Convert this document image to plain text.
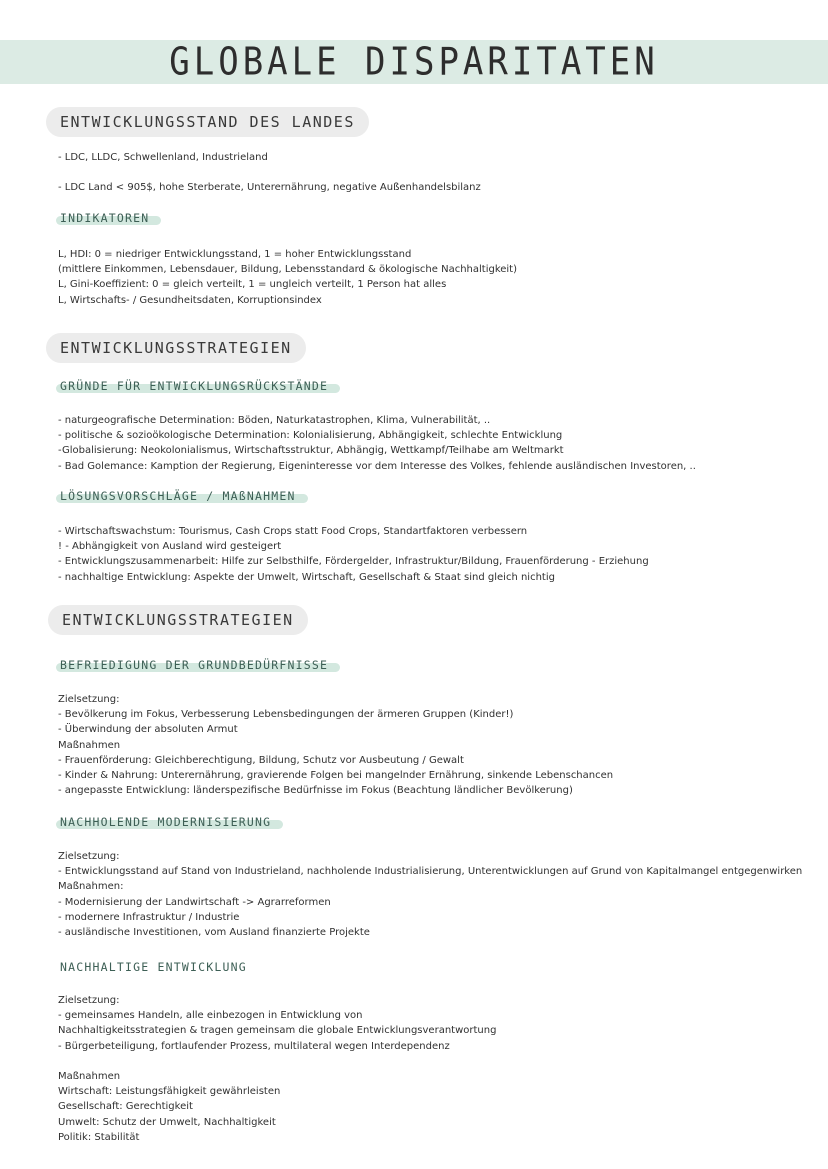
GLOBALE DISPARITATEN
ENTWICKLUNGSSTAND DES LANDES
- LDC, LLDC, Schwellenland, Industrieland
- LDC Land < 905$, hohe Sterberate, Unterernährung, negative Außenhandelsbilanz
INDIKATOREN
L, HDI: 0 = niedriger Entwicklungsstand, 1 = hoher Entwicklungsstand
(mittlere Einkommen, Lebensdauer, Bildung, Lebensstandard & ökologische Nachhaltigkeit)
L, Gini-Koeffizient: 0 = gleich verteilt, 1 = ungleich verteilt, 1 Person hat alles
L, Wirtschafts- / Gesundheitsdaten, Korruptionsindex
ENTWICKLUNGSSTRATEGIEN
GRÜNDE FÜR ENTWICKLUNGSRÜCKSTÄNDE
- naturgeografische Determination: Böden, Naturkatastrophen, Klima, Vulnerabilität, ..
- politische & sozioökologische Determination: Kolonialisierung, Abhängigkeit, schlechte Entwicklung
-Globalisierung: Neokolonialismus, Wirtschaftsstruktur, Abhängig, Wettkampf/Teilhabe am Weltmarkt
- Bad Golemance: Kamption der Regierung, Eigeninteresse vor dem Interesse des Volkes, fehlende ausländischen Investoren, ..
LÖSUNGSVORSCHLÄGE / MAßNAHMEN
- Wirtschaftswachstum: Tourismus, Cash Crops statt Food Crops, Standartfaktoren verbessern
! - Abhängigkeit von Ausland wird gesteigert
- Entwicklungszusammenarbeit: Hilfe zur Selbsthilfe, Fördergelder, Infrastruktur/Bildung, Frauenförderung - Erziehung
- nachhaltige Entwicklung: Aspekte der Umwelt, Wirtschaft, Gesellschaft & Staat sind gleich nichtig
ENTWICKLUNGSSTRATEGIEN
BEFRIEDIGUNG DER GRUNDBEDÜRFNISSE
Zielsetzung:
- Bevölkerung im Fokus, Verbesserung Lebensbedingungen der ärmeren Gruppen (Kinder!)
- Überwindung der absoluten Armut
Maßnahmen
- Frauenförderung: Gleichberechtigung, Bildung, Schutz vor Ausbeutung / Gewalt
- Kinder & Nahrung: Unterernährung, gravierende Folgen bei mangelnder Ernährung, sinkende Lebenschancen
- angepasste Entwicklung: länderspezifische Bedürfnisse im Fokus (Beachtung ländlicher Bevölkerung)
NACHHOLENDE MODERNISIERUNG
Zielsetzung:
- Entwicklungsstand auf Stand von Industrieland, nachholende Industrialisierung, Unterentwicklungen auf Grund von Kapitalmangel entgegenwirken
Maßnahmen:
- Modernisierung der Landwirtschaft -> Agrarreformen
- modernere Infrastruktur / Industrie
- ausländische Investitionen, vom Ausland finanzierte Projekte
NACHHALTIGE ENTWICKLUNG
Zielsetzung:
- gemeinsames Handeln, alle einbezogen in Entwicklung von
Nachhaltigkeitsstrategien & tragen gemeinsam die globale Entwicklungsverantwortung
- Bürgerbeteiligung, fortlaufender Prozess, multilateral wegen Interdependenz
Maßnahmen
Wirtschaft: Leistungsfähigkeit gewährleisten
Gesellschaft: Gerechtigkeit
Umwelt: Schutz der Umwelt, Nachhaltigkeit
Politik: Stabilität
